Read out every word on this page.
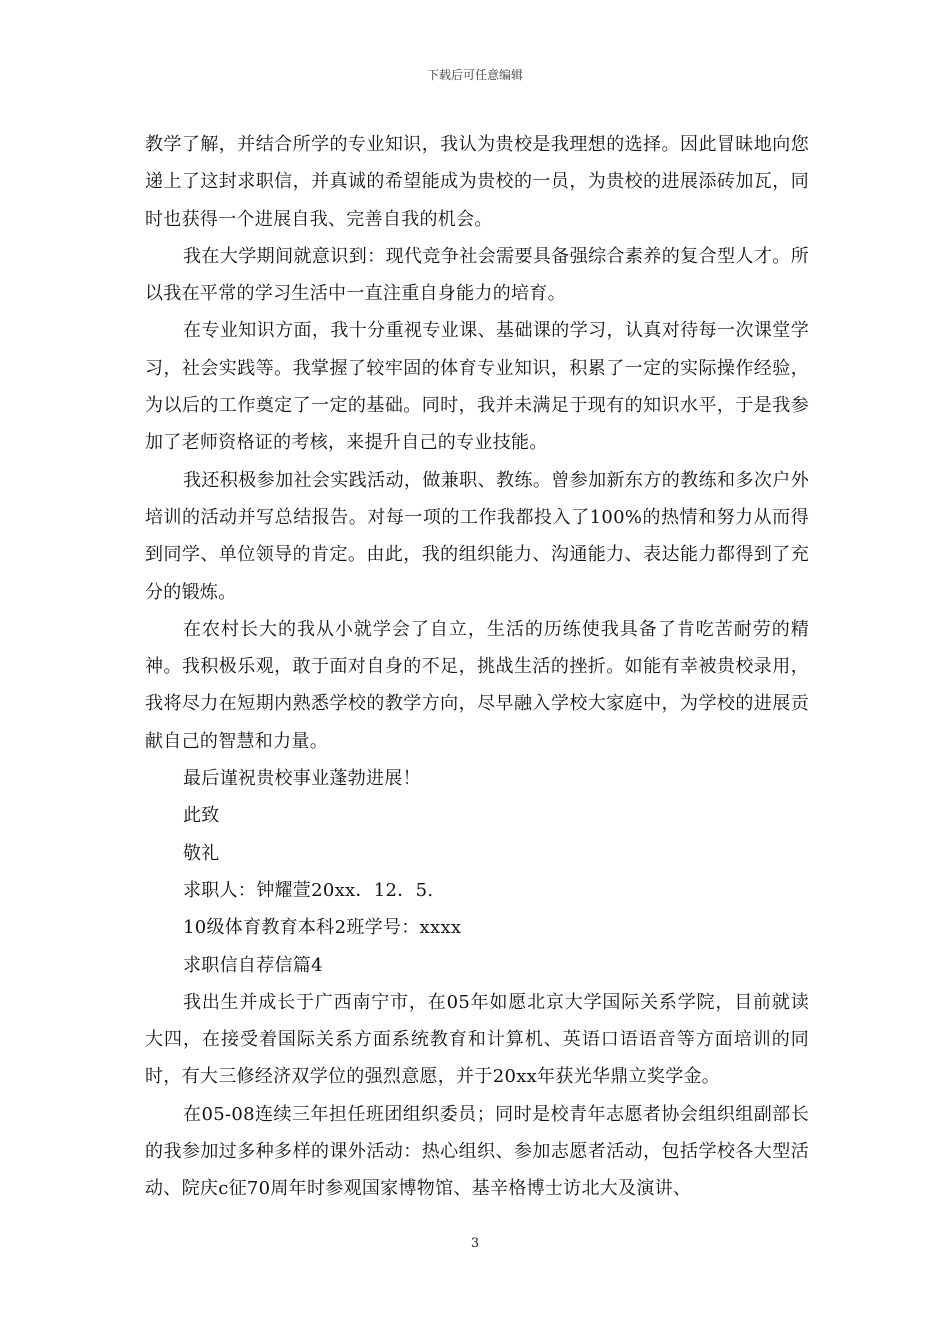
下载后可任意编辑

教学了解，并结合所学的专业知识，我认为贵校是我理想的选择。因此冒昧地向您递上了这封求职信，并真诚的希望能成为贵校的一员，为贵校的进展添砖加瓦，同时也获得一个进展自我、完善自我的机会。

我在大学期间就意识到：现代竞争社会需要具备强综合素养的复合型人才。所以我在平常的学习生活中一直注重自身能力的培育。

在专业知识方面，我十分重视专业课、基础课的学习，认真对待每一次课堂学习，社会实践等。我掌握了较牢固的体育专业知识，积累了一定的实际操作经验，为以后的工作奠定了一定的基础。同时，我并未满足于现有的知识水平，于是我参加了老师资格证的考核，来提升自己的专业技能。

我还积极参加社会实践活动，做兼职、教练。曾参加新东方的教练和多次户外培训的活动并写总结报告。对每一项的工作我都投入了100%的热情和努力从而得到同学、单位领导的肯定。由此，我的组织能力、沟通能力、表达能力都得到了充分的锻炼。

在农村长大的我从小就学会了自立，生活的历练使我具备了肯吃苦耐劳的精神。我积极乐观，敢于面对自身的不足，挑战生活的挫折。如能有幸被贵校录用，我将尽力在短期内熟悉学校的教学方向，尽早融入学校大家庭中，为学校的进展贡献自己的智慧和力量。

最后谨祝贵校事业蓬勃进展！

此致

敬礼

求职人：钟耀萱20xx．12．5.

10级体育教育本科2班学号：xxxx

求职信自荐信篇4

我出生并成长于广西南宁市，在05年如愿北京大学国际关系学院，目前就读大四，在接受着国际关系方面系统教育和计算机、英语口语语音等方面培训的同时，有大三修经济双学位的强烈意愿，并于20xx年获光华鼎立奖学金。

在05-08连续三年担任班团组织委员；同时是校青年志愿者协会组织组副部长的我参加过多种多样的课外活动：热心组织、参加志愿者活动，包括学校各大型活动、院庆c征70周年时参观国家博物馆、基辛格博士访北大及演讲、

3
